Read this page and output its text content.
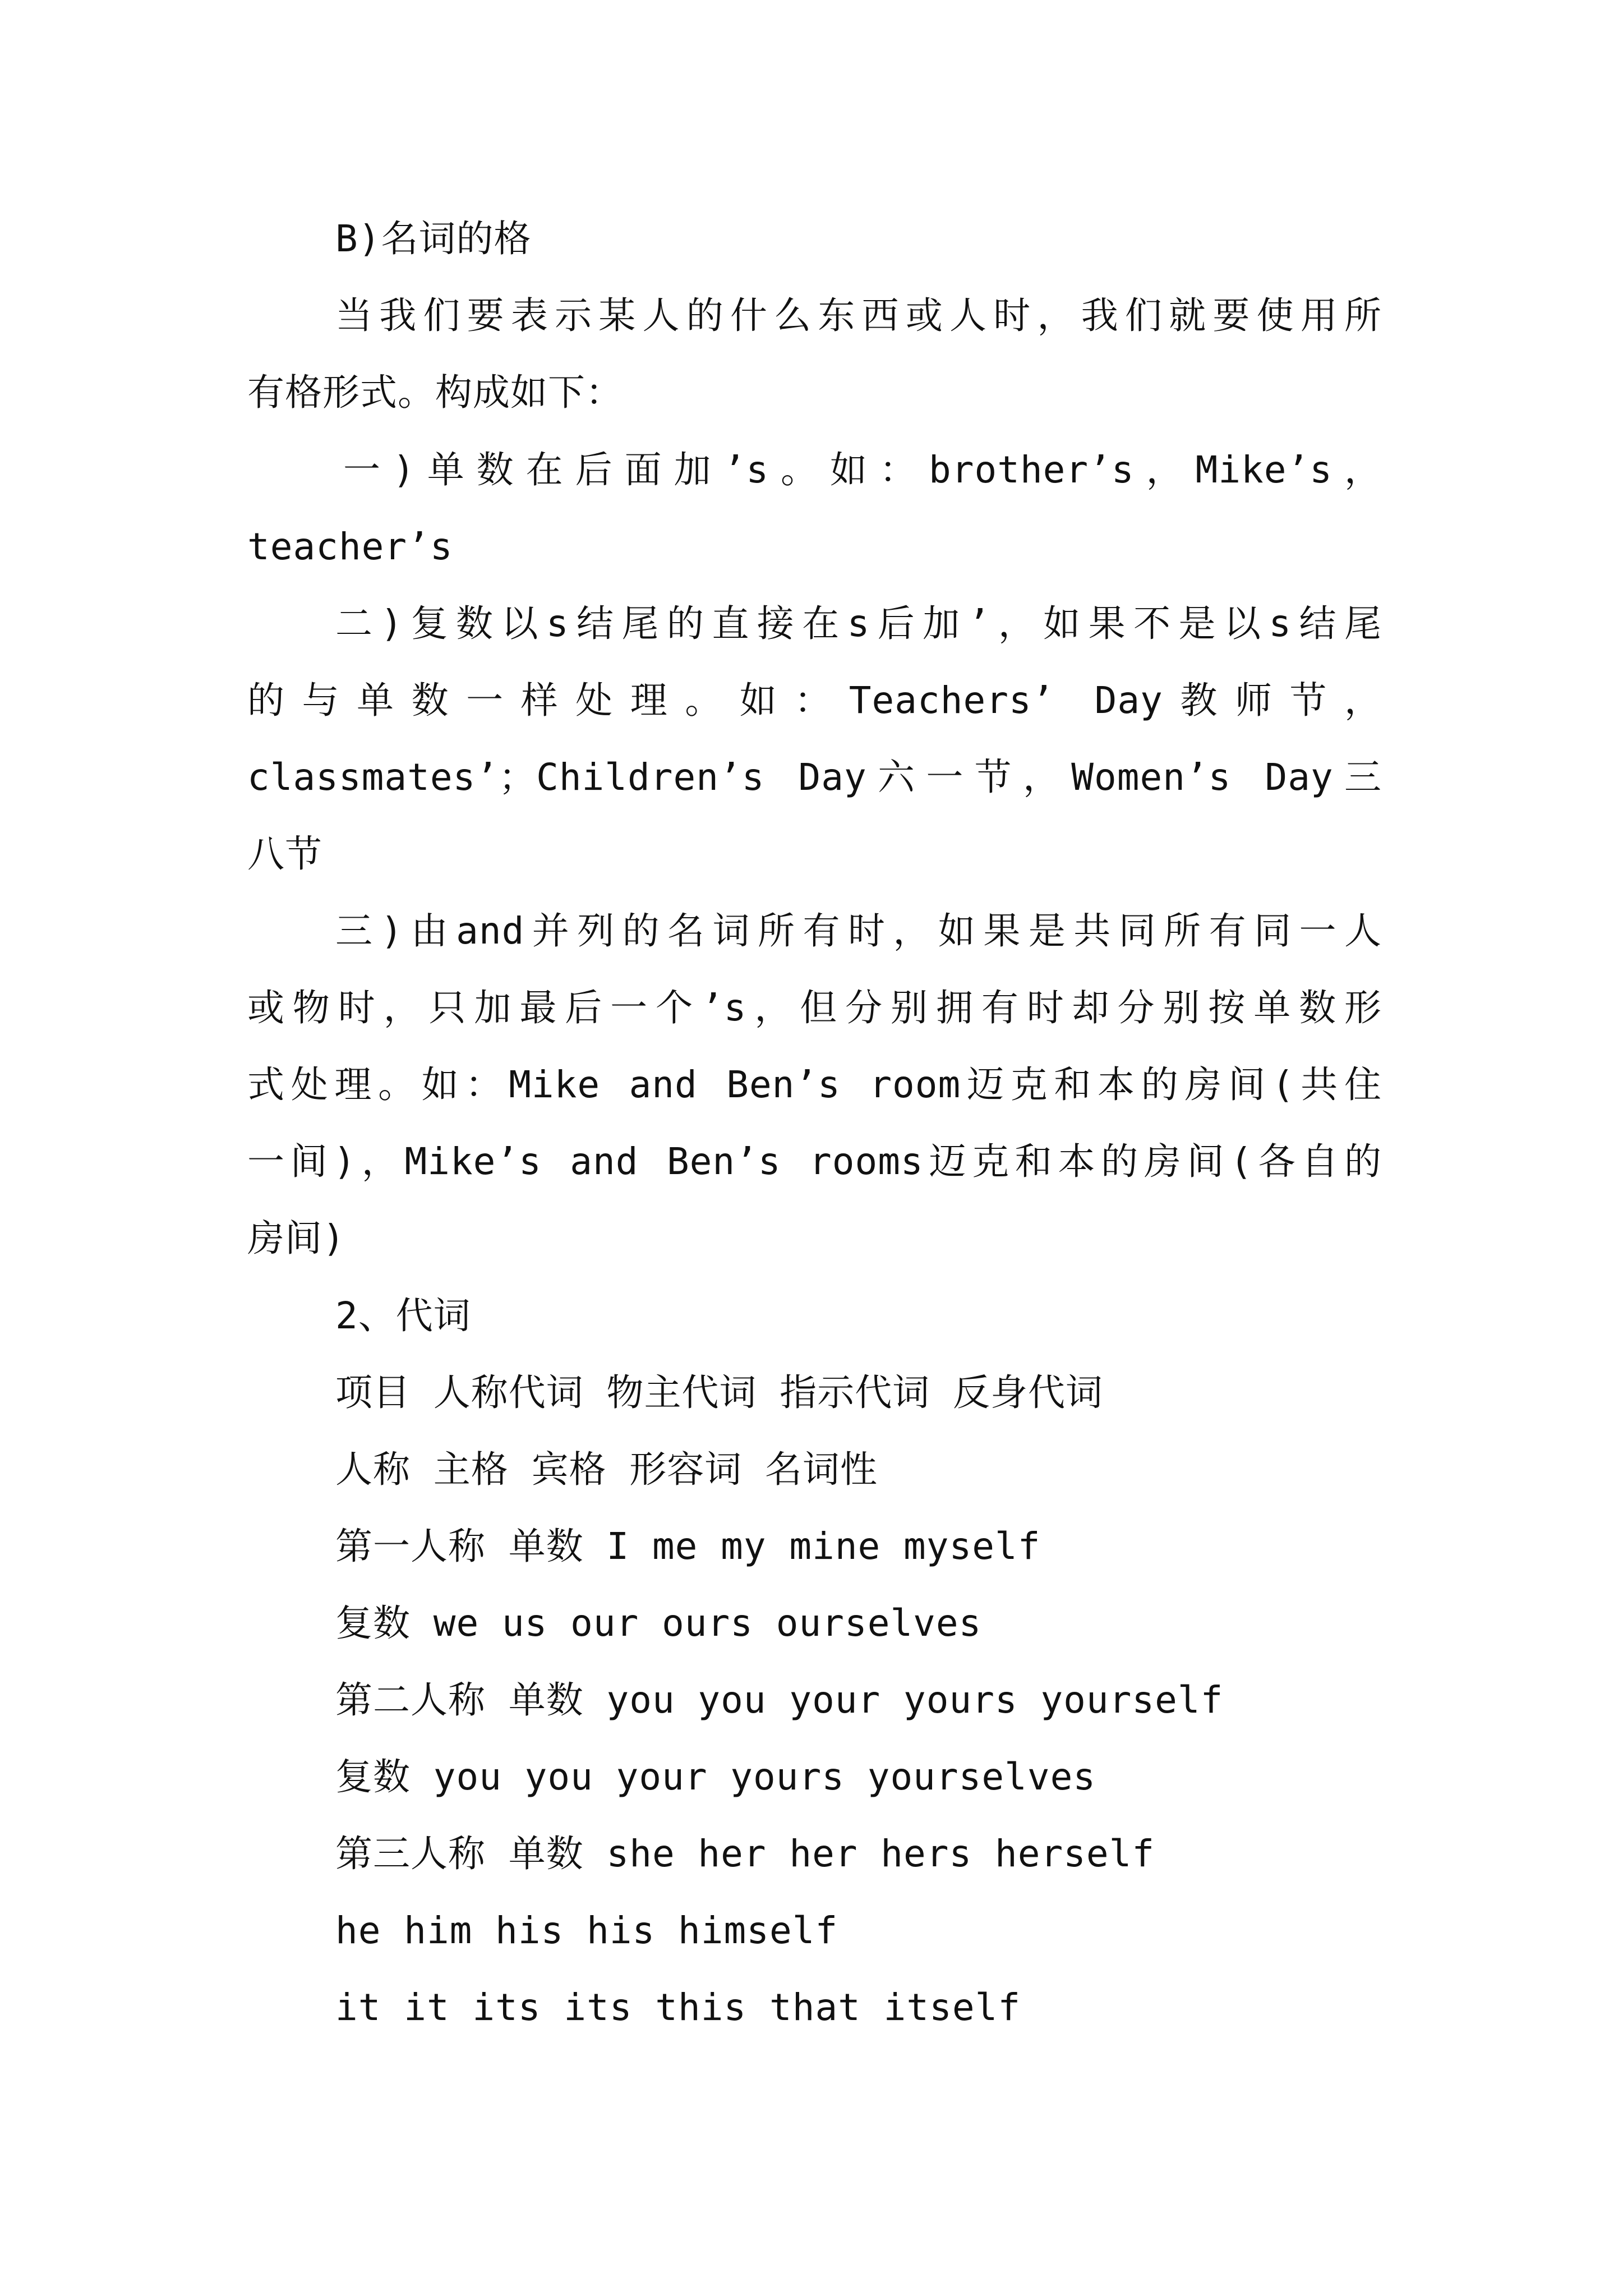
B)名词的格
当我们要表示某人的什么东西或人时，我们就要使用所
有格形式。构成如下：
一)单数在后面加’s。如：brother’s，Mike’s，
teacher’s
二)复数以s结尾的直接在s后加’，如果不是以s结尾
的与单数一样处理。如：Teachers’ Day教师节，
classmates’；Children’s Day六一节，Women’s Day三
八节
三)由and并列的名词所有时，如果是共同所有同一人
或物时，只加最后一个’s，但分别拥有时却分别按单数形
式处理。如：Mike and Ben’s room迈克和本的房间(共住
一间)，Mike’s and Ben’s rooms迈克和本的房间(各自的
房间)
2、代词
项目 人称代词 物主代词 指示代词 反身代词
人称 主格 宾格 形容词 名词性
第一人称 单数 I me my mine myself
复数 we us our ours ourselves
第二人称 单数 you you your yours yourself
复数 you you your yours yourselves
第三人称 单数 she her her hers herself
he him his his himself
it it its its this that itself
